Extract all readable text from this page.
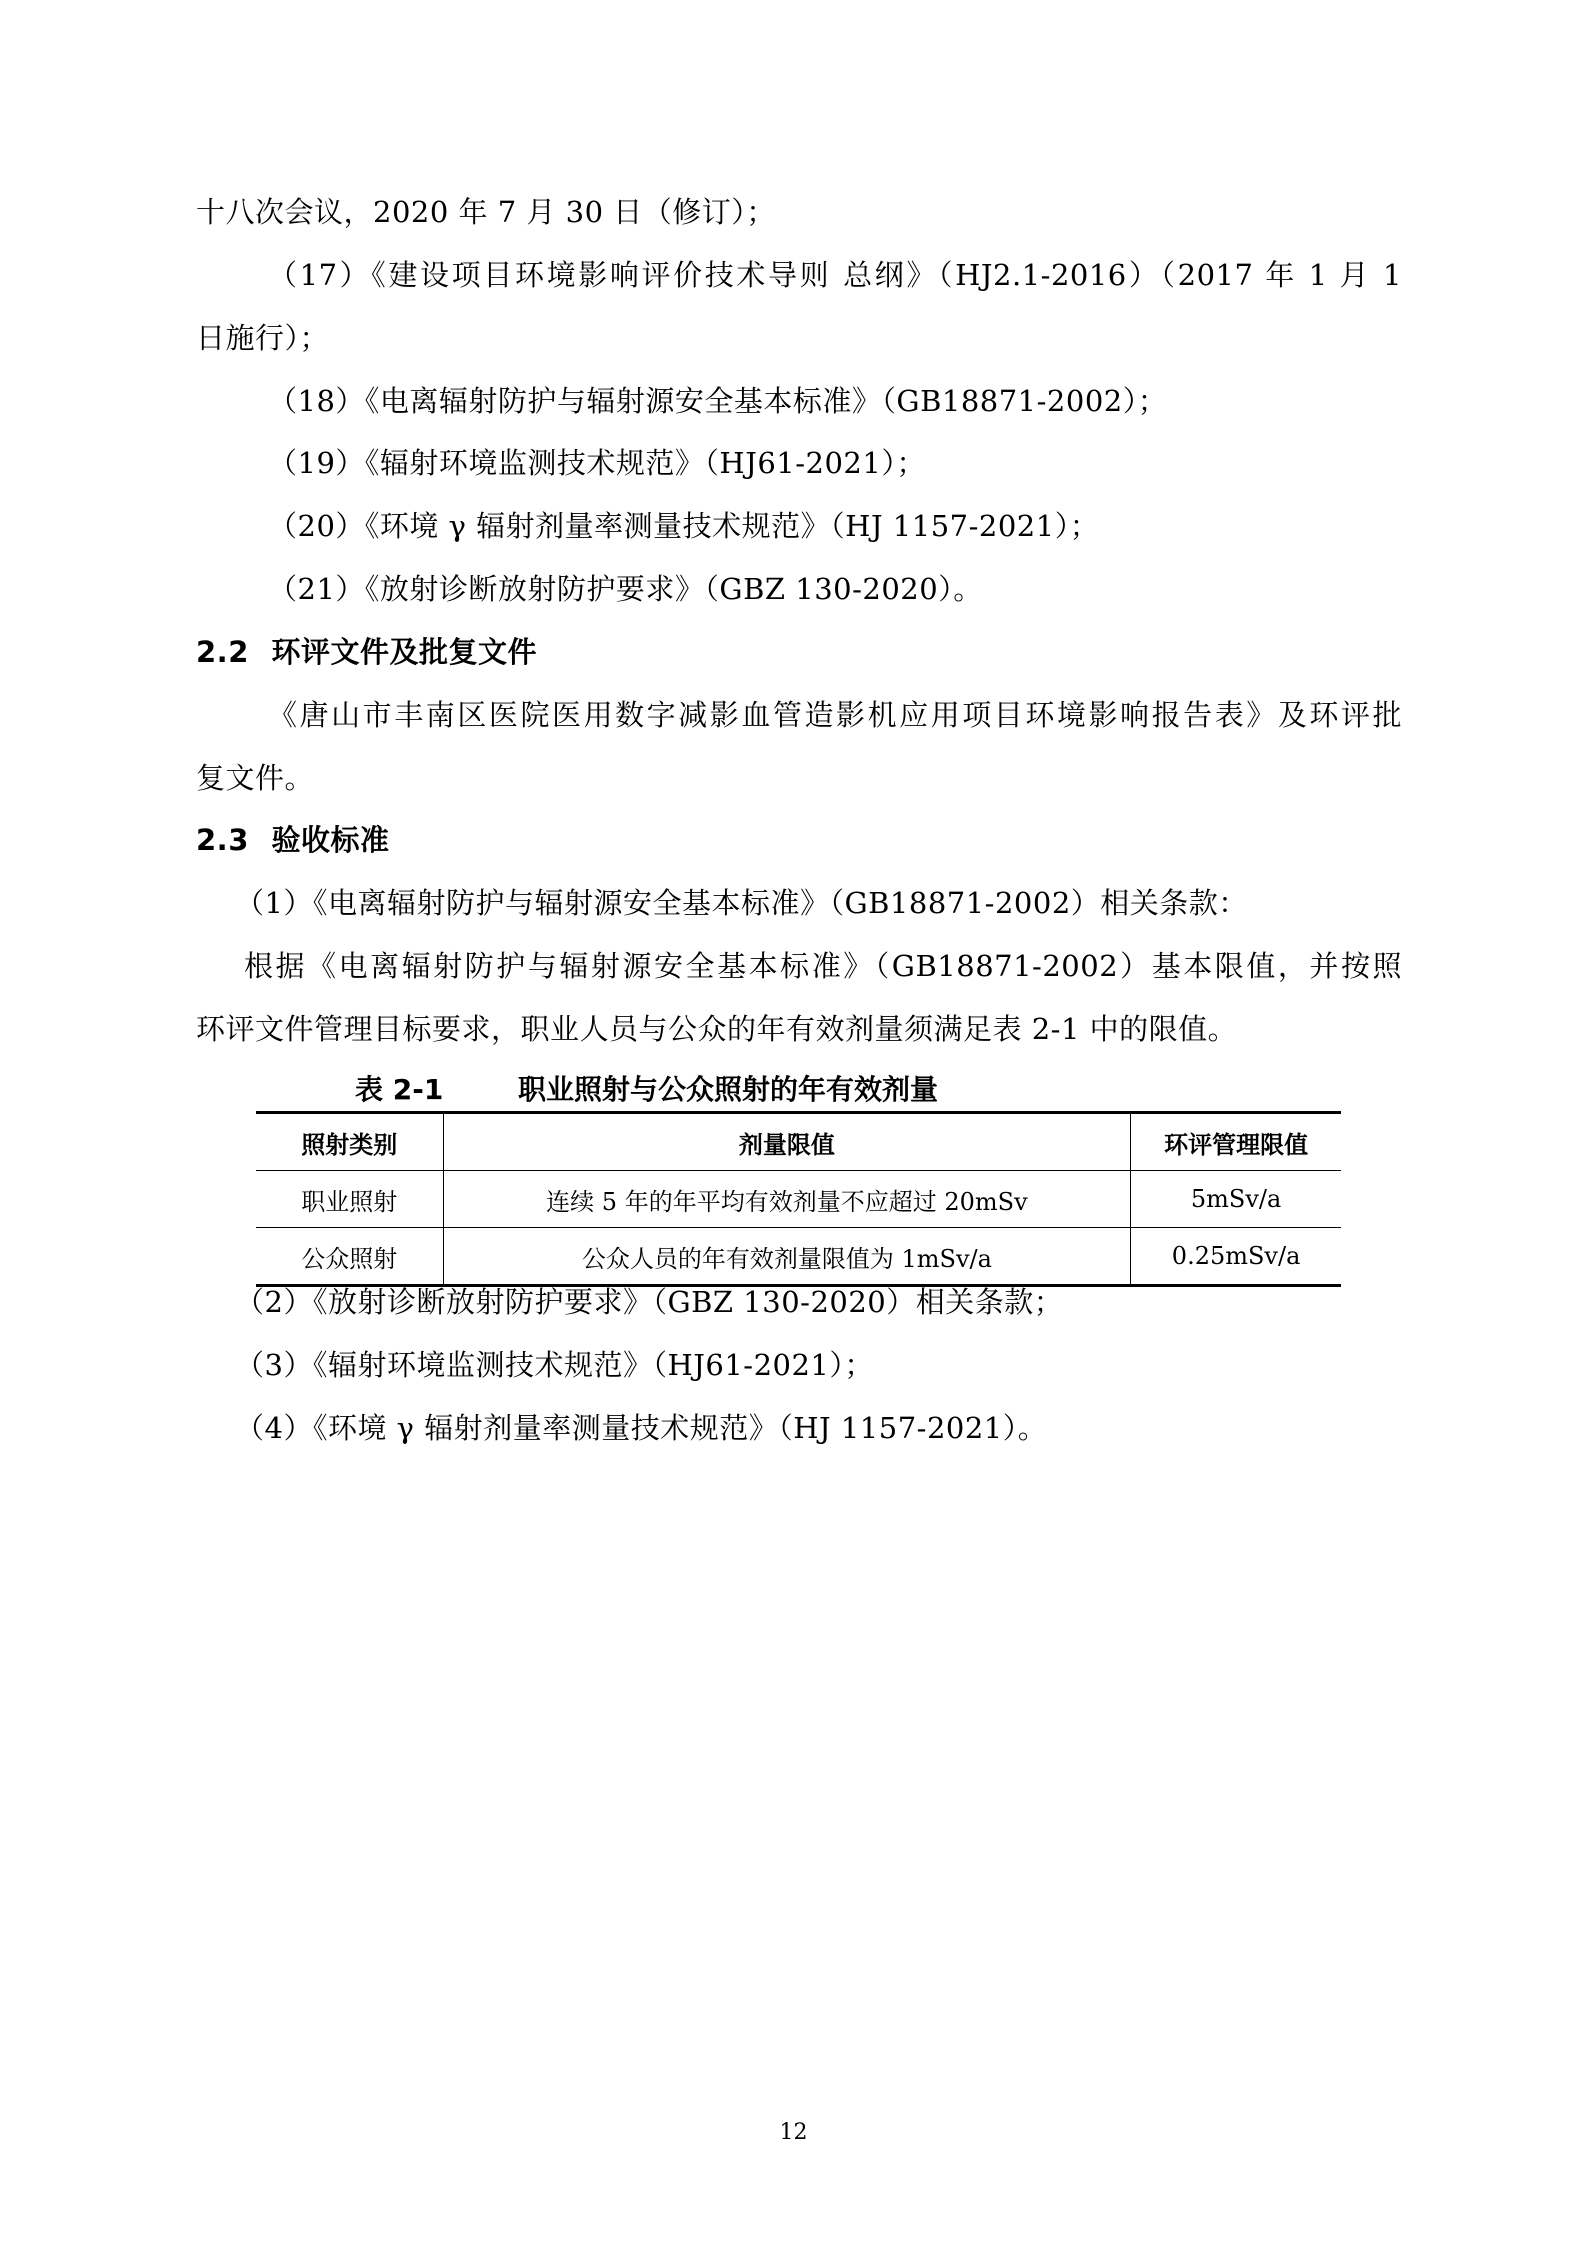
十八次会议，2020 年 7 月 30 日（修订）；
（17）《建设项目环境影响评价技术导则 总纲》（HJ2.1-2016）（2017 年 1 月 1
日施行）；
（18）《电离辐射防护与辐射源安全基本标准》（GB18871-2002）；
（19）《辐射环境监测技术规范》（HJ61-2021）；
（20）《环境 γ 辐射剂量率测量技术规范》（HJ 1157-2021）；
（21）《放射诊断放射防护要求》（GBZ 130-2020）。
2.2 环评文件及批复文件
《唐山市丰南区医院医用数字减影血管造影机应用项目环境影响报告表》及环评批
复文件。
2.3 验收标准
（1）《电离辐射防护与辐射源安全基本标准》（GB18871-2002）相关条款：
根据《电离辐射防护与辐射源安全基本标准》（GB18871-2002）基本限值，并按照
环评文件管理目标要求，职业人员与公众的年有效剂量须满足表 2-1 中的限值。
表 2-1	职业照射与公众照射的年有效剂量
照射类别	剂量限值	环评管理限值
职业照射	连续 5 年的年平均有效剂量不应超过 20mSv	5mSv/a
公众照射	公众人员的年有效剂量限值为 1mSv/a	0.25mSv/a
（2）《放射诊断放射防护要求》（GBZ 130-2020）相关条款；
（3）《辐射环境监测技术规范》（HJ61-2021）；
（4）《环境 γ 辐射剂量率测量技术规范》（HJ 1157-2021）。
12
